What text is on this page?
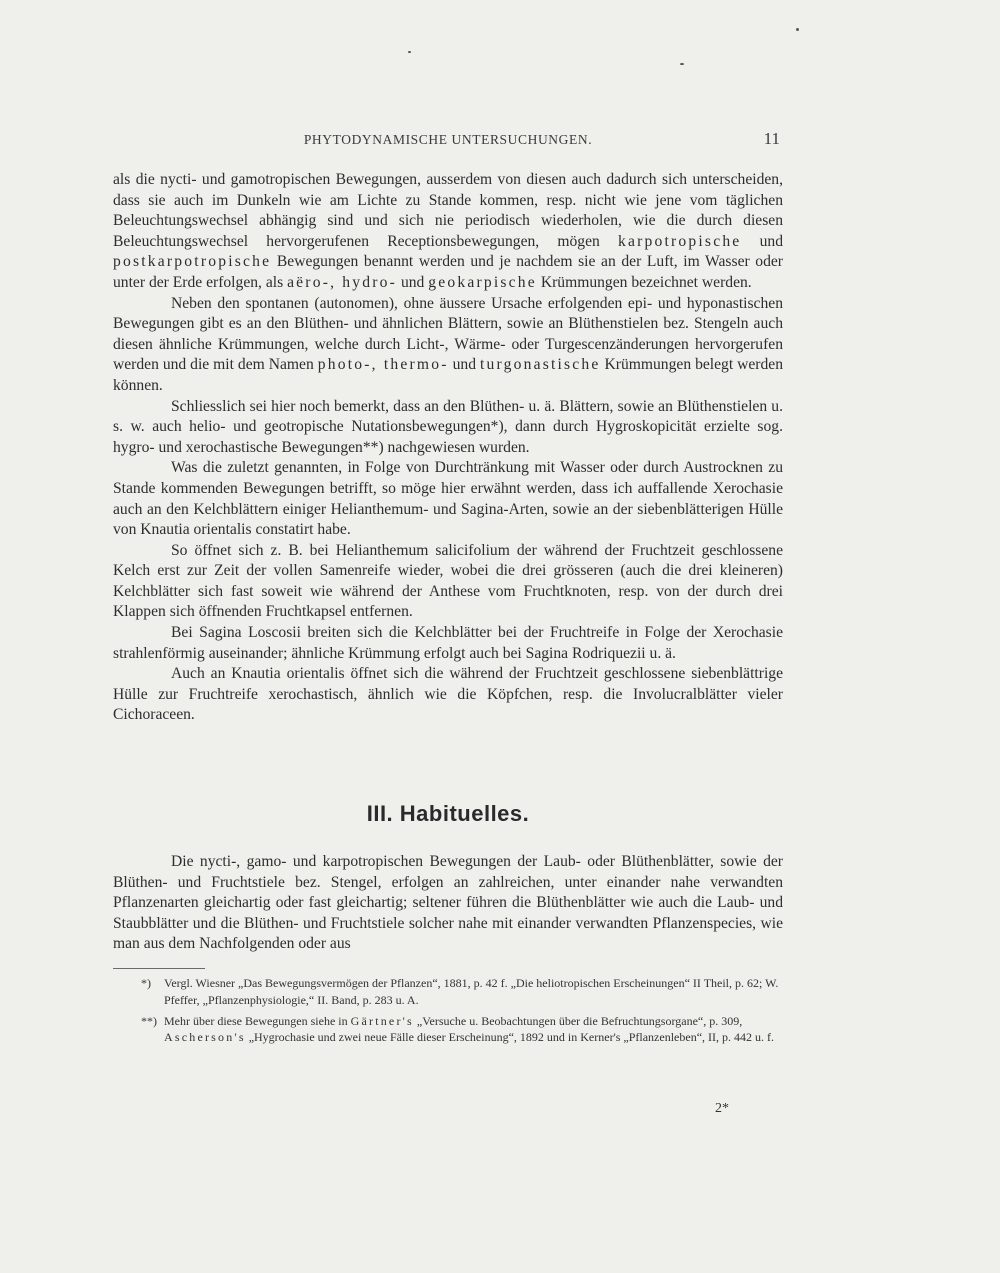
PHYTODYNAMISCHE UNTERSUCHUNGEN.	11

als die nycti- und gamotropischen Bewegungen, ausserdem von diesen auch dadurch sich unterscheiden, dass sie auch im Dunkeln wie am Lichte zu Stande kommen, resp. nicht wie jene vom täglichen Beleuchtungswechsel abhängig sind und sich nie periodisch wiederholen, wie die durch diesen Beleuchtungswechsel hervorgerufenen Receptionsbewegungen, mögen karpotropische und postkarpotropische Bewegungen benannt werden und je nachdem sie an der Luft, im Wasser oder unter der Erde erfolgen, als aëro-, hydro- und geokarpische Krümmungen bezeichnet werden.

Neben den spontanen (autonomen), ohne äussere Ursache erfolgenden epi- und hyponastischen Bewegungen gibt es an den Blüthen- und ähnlichen Blättern, sowie an Blüthenstielen bez. Stengeln auch diesen ähnliche Krümmungen, welche durch Licht-, Wärme- oder Turgescenzänderungen hervorgerufen werden und die mit dem Namen photo-, thermo- und turgonastische Krümmungen belegt werden können.

Schliesslich sei hier noch bemerkt, dass an den Blüthen- u. ä. Blättern, sowie an Blüthenstielen u. s. w. auch helio- und geotropische Nutationsbewegungen*), dann durch Hygroskopicität erzielte sog. hygro- und xerochastische Bewegungen**) nachgewiesen wurden.

Was die zuletzt genannten, in Folge von Durchtränkung mit Wasser oder durch Austrocknen zu Stande kommenden Bewegungen betrifft, so möge hier erwähnt werden, dass ich auffallende Xerochasie auch an den Kelchblättern einiger Helianthemum- und Sagina-Arten, sowie an der siebenblätterigen Hülle von Knautia orientalis constatirt habe.

So öffnet sich z. B. bei Helianthemum salicifolium der während der Fruchtzeit geschlossene Kelch erst zur Zeit der vollen Samenreife wieder, wobei die drei grösseren (auch die drei kleineren) Kelchblätter sich fast soweit wie während der Anthese vom Fruchtknoten, resp. von der durch drei Klappen sich öffnenden Fruchtkapsel entfernen.

Bei Sagina Loscosii breiten sich die Kelchblätter bei der Fruchtreife in Folge der Xerochasie strahlenförmig auseinander; ähnliche Krümmung erfolgt auch bei Sagina Rodriquezii u. ä.

Auch an Knautia orientalis öffnet sich die während der Fruchtzeit geschlossene siebenblättrige Hülle zur Fruchtreife xerochastisch, ähnlich wie die Köpfchen, resp. die Involucralblätter vieler Cichoraceen.

III. Habituelles.

Die nycti-, gamo- und karpotropischen Bewegungen der Laub- oder Blüthenblätter, sowie der Blüthen- und Fruchtstiele bez. Stengel, erfolgen an zahlreichen, unter einander nahe verwandten Pflanzenarten gleichartig oder fast gleichartig; seltener führen die Blüthenblätter wie auch die Laub- und Staubblätter und die Blüthen- und Fruchtstiele solcher nahe mit einander verwandten Pflanzenspecies, wie man aus dem Nachfolgenden oder aus

*) Vergl. Wiesner „Das Bewegungsvermögen der Pflanzen“, 1881, p. 42 f. „Die heliotropischen Erscheinungen“ II Theil, p. 62; W. Pfeffer, „Pflanzenphysiologie,“ II. Band, p. 283 u. A.
**) Mehr über diese Bewegungen siehe in Gärtner's „Versuche u. Beobachtungen über die Befruchtungsorgane“, p. 309, Ascherson's „Hygrochasie und zwei neue Fälle dieser Erscheinung“, 1892 und in Kerner's „Pflanzenleben“, II, p. 442 u. f.
2*
